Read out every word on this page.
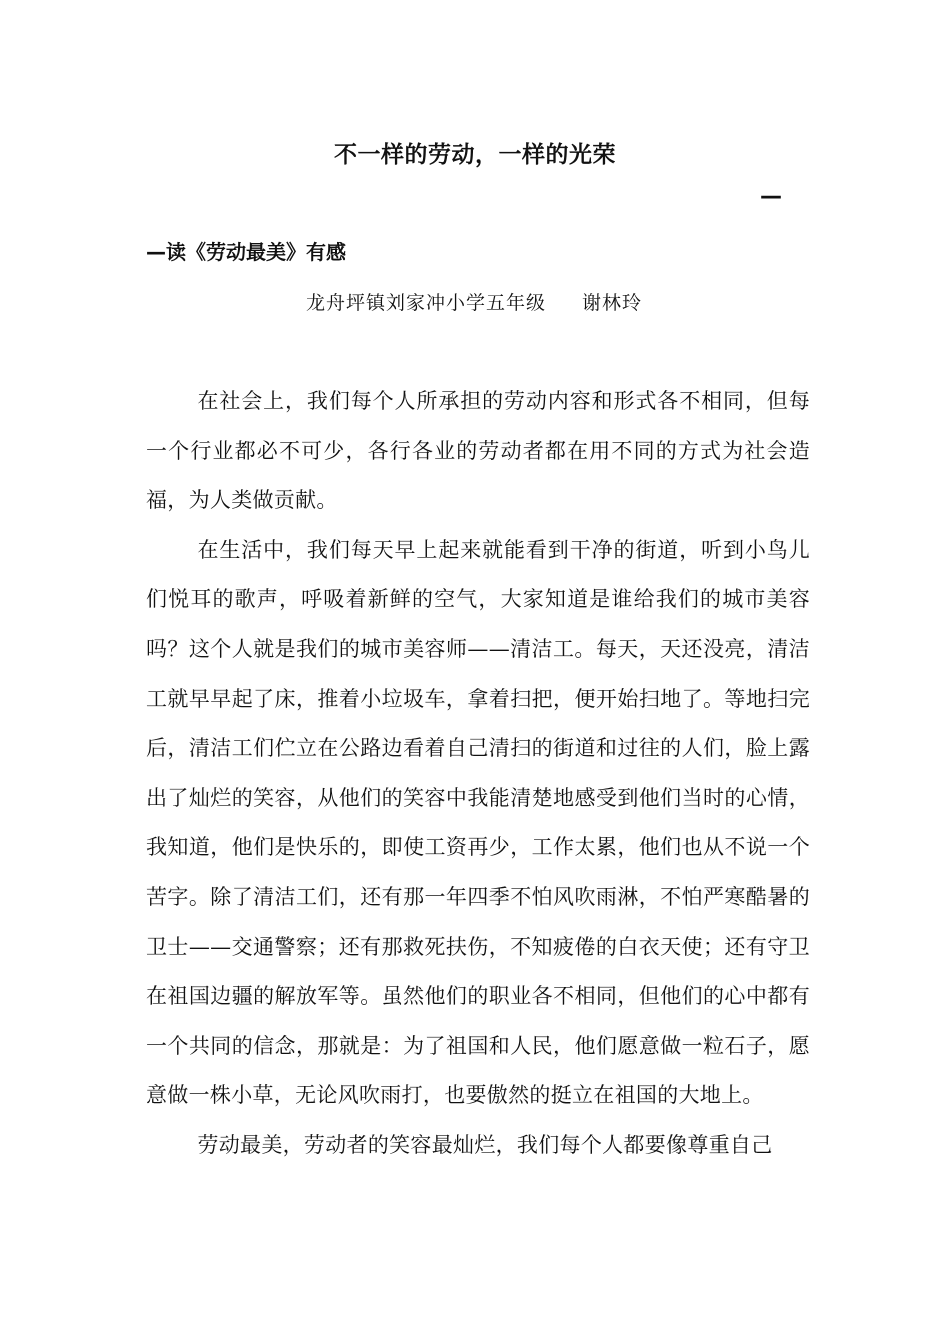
不一样的劳动，一样的光荣
—
—读《劳动最美》有感
龙舟坪镇刘家冲小学五年级 谢林玲

在社会上，我们每个人所承担的劳动内容和形式各不相同，但每一个行业都必不可少，各行各业的劳动者都在用不同的方式为社会造福，为人类做贡献。

在生活中，我们每天早上起来就能看到干净的街道，听到小鸟儿们悦耳的歌声，呼吸着新鲜的空气，大家知道是谁给我们的城市美容吗？这个人就是我们的城市美容师——清洁工。每天，天还没亮，清洁工就早早起了床，推着小垃圾车，拿着扫把，便开始扫地了。等地扫完后，清洁工们伫立在公路边看着自己清扫的街道和过往的人们，脸上露出了灿烂的笑容，从他们的笑容中我能清楚地感受到他们当时的心情，我知道，他们是快乐的，即使工资再少，工作太累，他们也从不说一个苦字。除了清洁工们，还有那一年四季不怕风吹雨淋，不怕严寒酷暑的卫士——交通警察；还有那救死扶伤，不知疲倦的白衣天使；还有守卫在祖国边疆的解放军等。虽然他们的职业各不相同，但他们的心中都有一个共同的信念，那就是：为了祖国和人民，他们愿意做一粒石子，愿意做一株小草，无论风吹雨打，也要傲然的挺立在祖国的大地上。

劳动最美，劳动者的笑容最灿烂，我们每个人都要像尊重自己
